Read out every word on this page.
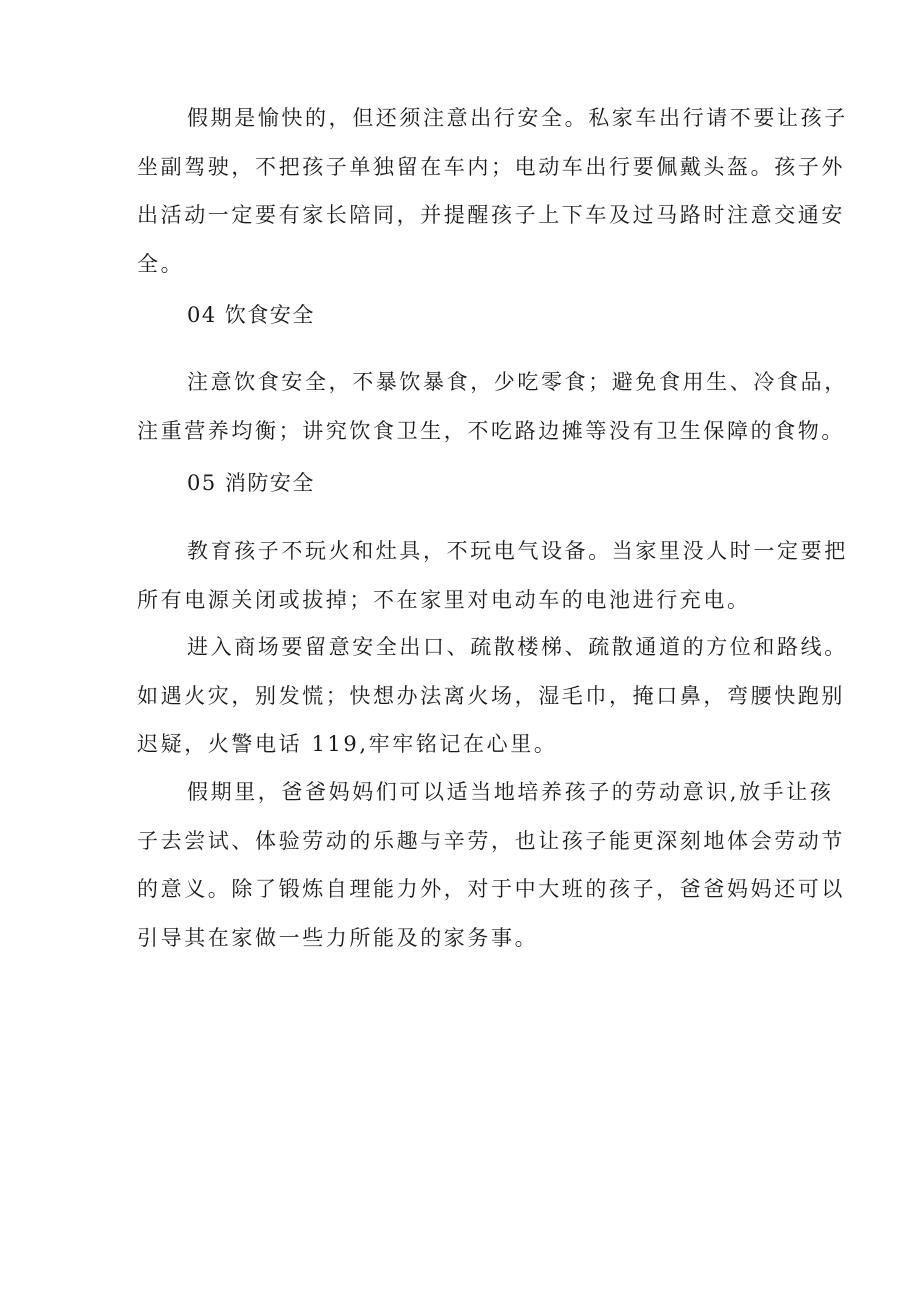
假期是愉快的，但还须注意出行安全。私家车出行请不要让孩子
坐副驾驶，不把孩子单独留在车内；电动车出行要佩戴头盔。孩子外
出活动一定要有家长陪同，并提醒孩子上下车及过马路时注意交通安
全。
04 饮食安全
注意饮食安全，不暴饮暴食，少吃零食；避免食用生、冷食品，
注重营养均衡；讲究饮食卫生，不吃路边摊等没有卫生保障的食物。
05 消防安全
教育孩子不玩火和灶具，不玩电气设备。当家里没人时一定要把
所有电源关闭或拔掉；不在家里对电动车的电池进行充电。
进入商场要留意安全出口、疏散楼梯、疏散通道的方位和路线。
如遇火灾，别发慌；快想办法离火场，湿毛巾，掩口鼻，弯腰快跑别
迟疑，火警电话 119,牢牢铭记在心里。
假期里，爸爸妈妈们可以适当地培养孩子的劳动意识,放手让孩
子去尝试、体验劳动的乐趣与辛劳，也让孩子能更深刻地体会劳动节
的意义。除了锻炼自理能力外，对于中大班的孩子，爸爸妈妈还可以
引导其在家做一些力所能及的家务事。
